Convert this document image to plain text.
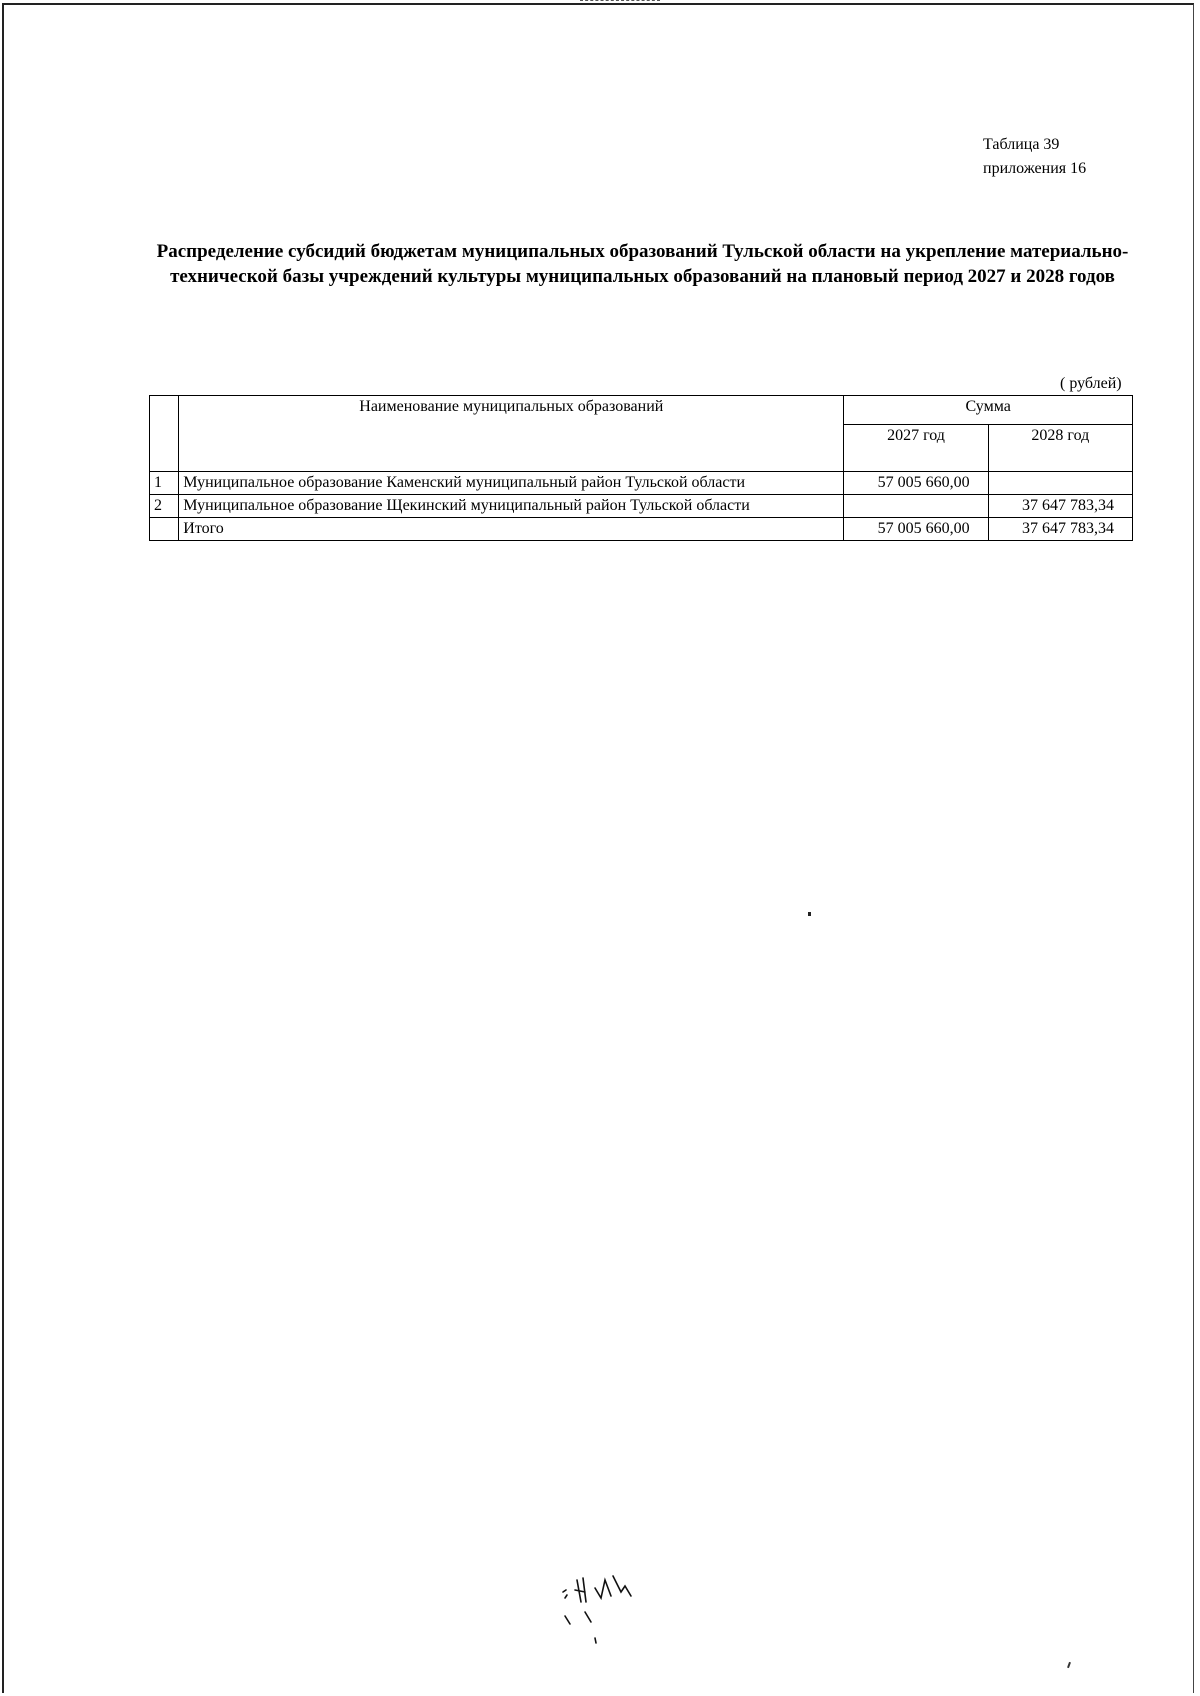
Таблица 39
приложения 16
Распределение субсидий бюджетам муниципальных образований Тульской области на укрепление материально-технической базы учреждений культуры муниципальных образований на плановый период 2027 и 2028 годов
( рублей)
	Наименование муниципальных образований	Сумма	
		2027 год	2028 год
1	Муниципальное образование Каменский муниципальный район Тульской области	57 005 660,00	
2	Муниципальное образование Щекинский муниципальный район Тульской области		37 647 783,34
	Итого	57 005 660,00	37 647 783,34
